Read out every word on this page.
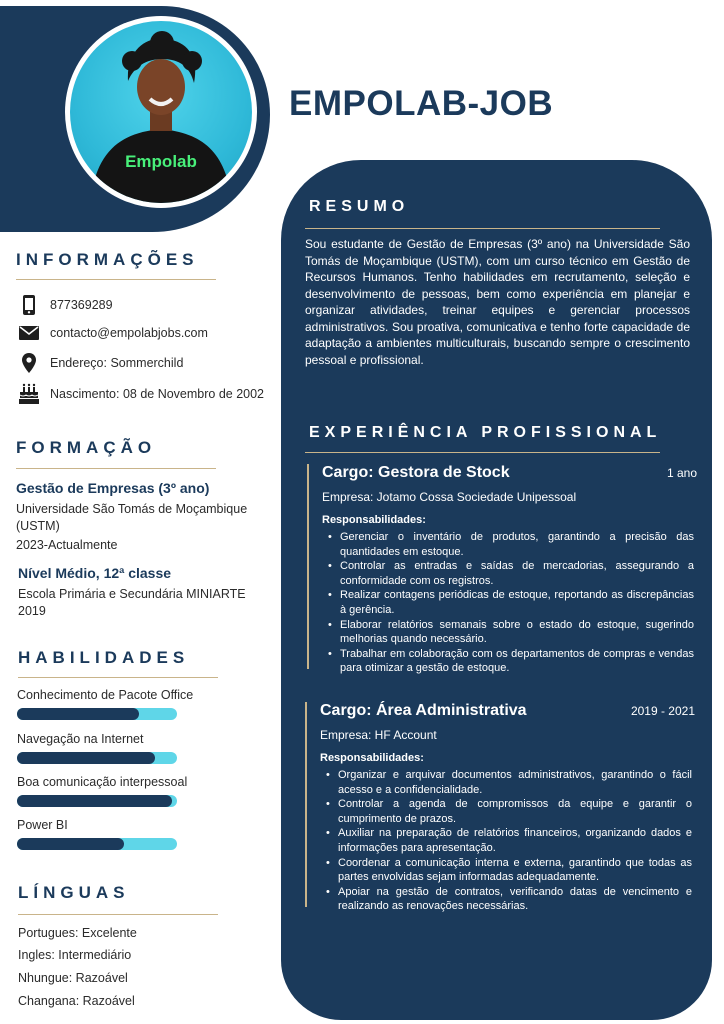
Empolab
EMPOLAB-JOB
INFORMAÇÕES
877369289
contacto@empolabjobs.com
Endereço: Sommerchild
Nascimento: 08 de Novembro de 2002
FORMAÇÃO
Gestão de Empresas (3º ano)
Universidade São Tomás de Moçambique (USTM)
2023-Actualmente
Nível Médio, 12ª classe
Escola Primária e Secundária MINIARTE
2019
HABILIDADES
Conhecimento de Pacote Office
Navegação na Internet
Boa comunicação interpessoal
Power BI
LÍNGUAS
Portugues: Excelente
Ingles: Intermediário
Nhungue: Razoável
Changana: Razoável
RESUMO
Sou estudante de Gestão de Empresas (3º ano) na Universidade São Tomás de Moçambique (USTM), com um curso técnico em Gestão de Recursos Humanos. Tenho habilidades em recrutamento, seleção e desenvolvimento de pessoas, bem como experiência em planejar e organizar atividades, treinar equipes e gerenciar processos administrativos. Sou proativa, comunicativa e tenho forte capacidade de adaptação a ambientes multiculturais, buscando sempre o crescimento pessoal e profissional.
EXPERIÊNCIA PROFISSIONAL
Cargo: Gestora de Stock	1 ano
Empresa: Jotamo Cossa Sociedade Unipessoal
Responsabilidades:
• Gerenciar o inventário de produtos, garantindo a precisão das quantidades em estoque.
• Controlar as entradas e saídas de mercadorias, assegurando a conformidade com os registros.
• Realizar contagens periódicas de estoque, reportando as discrepâncias à gerência.
• Elaborar relatórios semanais sobre o estado do estoque, sugerindo melhorias quando necessário.
• Trabalhar em colaboração com os departamentos de compras e vendas para otimizar a gestão de estoque.
Cargo: Área Administrativa	2019 - 2021
Empresa: HF Account
Responsabilidades:
• Organizar e arquivar documentos administrativos, garantindo o fácil acesso e a confidencialidade.
• Controlar a agenda de compromissos da equipe e garantir o cumprimento de prazos.
• Auxiliar na preparação de relatórios financeiros, organizando dados e informações para apresentação.
• Coordenar a comunicação interna e externa, garantindo que todas as partes envolvidas sejam informadas adequadamente.
• Apoiar na gestão de contratos, verificando datas de vencimento e realizando as renovações necessárias.
